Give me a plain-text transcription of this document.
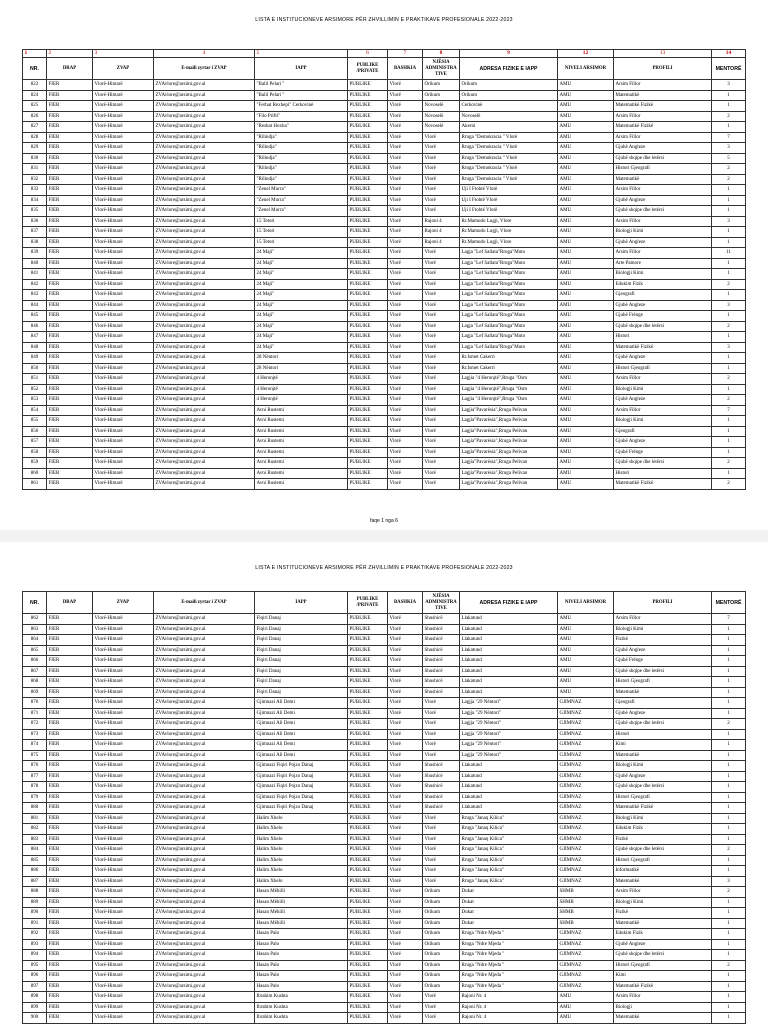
LISTA E INSTITUCIONEVE ARSIMORE PËR ZHVILLIMIN E PRAKTIKAVE PROFESIONALE 2022-2023
1	2	3	4	5	6	7	8	9	12	13	14
NR.	DRAP	ZVAP	E-maili zyrtar i ZVAP	IAPP	PUBLIKE /PRIVATE	BASHKIA	NJËSIA ADMINISTRA TIVE	ADRESA FIZIKE E IAPP	NIVELI ARSIMOR	PROFILI	MENTORË
823	FIER	Vlorë-Himarë	ZVAvlore@arsimi.gov.al	"Balil Pelari "	PUBLIKE	Vlorë	Orikum	Orikum	AMU	Arsim Fillor	3
824	FIER	Vlorë-Himarë	ZVAvlore@arsimi.gov.al	"Balil Pelari "	PUBLIKE	Vlorë	Orikum	Orikum	AMU	Matematikë	1
825	FIER	Vlorë-Himarë	ZVAvlore@arsimi.gov.al	"Ferhat Rexhepi" Cerkovinë	PUBLIKE	Vlorë	Novoselë	Cerkovinë	AMU	Matematikë Fizikë	1
826	FIER	Vlorë-Himarë	ZVAvlore@arsimi.gov.al	"Filo Prifti"	PUBLIKE	Vlorë	Novoselë	Novoselë	AMU	Arsim Fillor	2
827	FIER	Vlorë-Himarë	ZVAvlore@arsimi.gov.al	"Reshat Hoxha"	PUBLIKE	Vlorë	Novoselë	Akerni	AMU	Matematikë Fizikë	1
828	FIER	Vlorë-Himarë	ZVAvlore@arsimi.gov.al	"Rilindja"	PUBLIKE	Vlorë	Vlorë	Rruga "Demokracia " Vlorë	AMU	Arsim Fillor	7
829	FIER	Vlorë-Himarë	ZVAvlore@arsimi.gov.al	"Rilindja"	PUBLIKE	Vlorë	Vlorë	Rruga "Demokracia " Vlorë	AMU	Gjuhë Angleze	3
830	FIER	Vlorë-Himarë	ZVAvlore@arsimi.gov.al	"Rilindja"	PUBLIKE	Vlorë	Vlorë	Rruga "Demokracia " Vlorë	AMU	Gjuhë shqipe dhe letërsi	5
831	FIER	Vlorë-Himarë	ZVAvlore@arsimi.gov.al	"Rilindja"	PUBLIKE	Vlorë	Vlorë	Rruga "Demokracia " Vlorë	AMU	Histori Gjeografi	2
832	FIER	Vlorë-Himarë	ZVAvlore@arsimi.gov.al	"Rilindja"	PUBLIKE	Vlorë	Vlorë	Rruga "Demokracia " Vlorë	AMU	Matematikë	2
833	FIER	Vlorë-Himarë	ZVAvlore@arsimi.gov.al	"Zenel Murra"	PUBLIKE	Vlorë	Vlorë	Uji I Ftohtë Vlorë	AMU	Arsim Fillor	1
834	FIER	Vlorë-Himarë	ZVAvlore@arsimi.gov.al	"Zenel Murra"	PUBLIKE	Vlorë	Vlorë	Uji I Ftohtë Vlorë	AMU	Gjuhë Angleze	1
835	FIER	Vlorë-Himarë	ZVAvlore@arsimi.gov.al	"Zenel Murra"	PUBLIKE	Vlorë	Vlorë	Uji I Ftohtë Vlorë	AMU	Gjuhë shqipe dhe letërsi	1
836	FIER	Vlorë-Himarë	ZVAvlore@arsimi.gov.al	15 Tetori	PUBLIKE	Vlorë	Rajoni 4	Rr.Mamudo Lugji, Vlore	AMU	Arsim Fillor	3
837	FIER	Vlorë-Himarë	ZVAvlore@arsimi.gov.al	15 Tetori	PUBLIKE	Vlorë	Rajoni 4	Rr.Mamudo Lugji, Vlore	AMU	Biologji Kimi	1
838	FIER	Vlorë-Himarë	ZVAvlore@arsimi.gov.al	15 Tetori	PUBLIKE	Vlorë	Rajoni 4	Rr.Mamudo Lugji, Vlore	AMU	Gjuhë Angleze	1
839	FIER	Vlorë-Himarë	ZVAvlore@arsimi.gov.al	24 Maji"	PUBLIKE	Vlorë	Vlorë	Lagja "Lef Sallata"Rruga"Muto	AMU	Arsim Fillor	11
840	FIER	Vlorë-Himarë	ZVAvlore@arsimi.gov.al	24 Maji"	PUBLIKE	Vlorë	Vlorë	Lagja "Lef Sallata"Rruga"Muto	AMU	Arte Pamore	1
841	FIER	Vlorë-Himarë	ZVAvlore@arsimi.gov.al	24 Maji"	PUBLIKE	Vlorë	Vlorë	Lagja "Lef Sallata"Rruga"Muto	AMU	Biologji Kimi	1
842	FIER	Vlorë-Himarë	ZVAvlore@arsimi.gov.al	24 Maji"	PUBLIKE	Vlorë	Vlorë	Lagja "Lef Sallata"Rruga"Muto	AMU	Edukim Fizik	2
843	FIER	Vlorë-Himarë	ZVAvlore@arsimi.gov.al	24 Maji"	PUBLIKE	Vlorë	Vlorë	Lagja "Lef Sallata"Rruga"Muto	AMU	Gjeografi	1
844	FIER	Vlorë-Himarë	ZVAvlore@arsimi.gov.al	24 Maji"	PUBLIKE	Vlorë	Vlorë	Lagja "Lef Sallata"Rruga"Muto	AMU	Gjuhë Angleze	3
845	FIER	Vlorë-Himarë	ZVAvlore@arsimi.gov.al	24 Maji"	PUBLIKE	Vlorë	Vlorë	Lagja "Lef Sallata"Rruga"Muto	AMU	Gjuhë Frënge	1
846	FIER	Vlorë-Himarë	ZVAvlore@arsimi.gov.al	24 Maji"	PUBLIKE	Vlorë	Vlorë	Lagja "Lef Sallata"Rruga"Muto	AMU	Gjuhë shqipe dhe letërsi	2
847	FIER	Vlorë-Himarë	ZVAvlore@arsimi.gov.al	24 Maji"	PUBLIKE	Vlorë	Vlorë	Lagja "Lef Sallata"Rruga"Muto	AMU	Histori	1
848	FIER	Vlorë-Himarë	ZVAvlore@arsimi.gov.al	24 Maji"	PUBLIKE	Vlorë	Vlorë	Lagja "Lef Sallata"Rruga"Muto	AMU	Matematikë Fizikë	3
849	FIER	Vlorë-Himarë	ZVAvlore@arsimi.gov.al	28 Nëntori	PUBLIKE	Vlorë	Vlorë	Rr.Ismet Cakerri	AMU	Gjuhë Angleze	1
850	FIER	Vlorë-Himarë	ZVAvlore@arsimi.gov.al	28 Nëntori	PUBLIKE	Vlorë	Vlorë	Rr.Ismet Cakerri	AMU	Histori Gjeografi	1
851	FIER	Vlorë-Himarë	ZVAvlore@arsimi.gov.al	4 Heronjtë	PUBLIKE	Vlorë	Vlorë	Lagjia "4 Heronjtë",Rruga "Osm	AMU	Arsim Fillor	2
852	FIER	Vlorë-Himarë	ZVAvlore@arsimi.gov.al	4 Heronjtë	PUBLIKE	Vlorë	Vlorë	Lagjia "4 Heronjtë",Rruga "Osm	AMU	Biologji Kimi	1
853	FIER	Vlorë-Himarë	ZVAvlore@arsimi.gov.al	4 Heronjtë	PUBLIKE	Vlorë	Vlorë	Lagjia "4 Heronjtë",Rruga "Osm	AMU	Gjuhë Angleze	2
854	FIER	Vlorë-Himarë	ZVAvlore@arsimi.gov.al	Avni Rustemi	PUBLIKE	Vlorë	Vlorë	Lagjia"Pavarësia",Rruga Pelivan	AMU	Arsim Fillor	7
855	FIER	Vlorë-Himarë	ZVAvlore@arsimi.gov.al	Avni Rustemi	PUBLIKE	Vlorë	Vlorë	Lagjia"Pavarësia",Rruga Pelivan	AMU	Biologji Kimi	1
856	FIER	Vlorë-Himarë	ZVAvlore@arsimi.gov.al	Avni Rustemi	PUBLIKE	Vlorë	Vlorë	Lagjia"Pavarësia",Rruga Pelivan	AMU	Gjeografi	1
857	FIER	Vlorë-Himarë	ZVAvlore@arsimi.gov.al	Avni Rustemi	PUBLIKE	Vlorë	Vlorë	Lagjia"Pavarësia",Rruga Pelivan	AMU	Gjuhë Angleze	1
858	FIER	Vlorë-Himarë	ZVAvlore@arsimi.gov.al	Avni Rustemi	PUBLIKE	Vlorë	Vlorë	Lagjia"Pavarësia",Rruga Pelivan	AMU	Gjuhë Frënge	1
859	FIER	Vlorë-Himarë	ZVAvlore@arsimi.gov.al	Avni Rustemi	PUBLIKE	Vlorë	Vlorë	Lagjia"Pavarësia",Rruga Pelivan	AMU	Gjuhë shqipe dhe letërsi	2
860	FIER	Vlorë-Himarë	ZVAvlore@arsimi.gov.al	Avni Rustemi	PUBLIKE	Vlorë	Vlorë	Lagjia"Pavarësia",Rruga Pelivan	AMU	Histori	1
861	FIER	Vlorë-Himarë	ZVAvlore@arsimi.gov.al	Avni Rustemi	PUBLIKE	Vlorë	Vlorë	Lagjia"Pavarësia",Rruga Pelivan	AMU	Matematikë Fizikë	2
faqe 1 nga 6
LISTA E INSTITUCIONEVE ARSIMORE PËR ZHVILLIMIN E PRAKTIKAVE PROFESIONALE 2022-2023
NR.	DRAP	ZVAP	E-maili zyrtar i ZVAP	IAPP	PUBLIKE /PRIVATE	BASHKIA	NJËSIA ADMINISTRA TIVE	ADRESA FIZIKE E IAPP	NIVELI ARSIMOR	PROFILI	MENTORË
862	FIER	Vlorë-Himarë	ZVAvlore@arsimi.gov.al	Fiqiri Danaj	PUBLIKE	Vlorë	Shushicë	Llakatund	AMU	Arsim Fillor	7
863	FIER	Vlorë-Himarë	ZVAvlore@arsimi.gov.al	Fiqiri Danaj	PUBLIKE	Vlorë	Shushicë	Llakatund	AMU	Biologji Kimi	1
864	FIER	Vlorë-Himarë	ZVAvlore@arsimi.gov.al	Fiqiri Danaj	PUBLIKE	Vlorë	Shushicë	Llakatund	AMU	Fizikë	1
865	FIER	Vlorë-Himarë	ZVAvlore@arsimi.gov.al	Fiqiri Danaj	PUBLIKE	Vlorë	Shushicë	Llakatund	AMU	Gjuhë Angleze	1
866	FIER	Vlorë-Himarë	ZVAvlore@arsimi.gov.al	Fiqiri Danaj	PUBLIKE	Vlorë	Shushicë	Llakatund	AMU	Gjuhë Frënge	1
867	FIER	Vlorë-Himarë	ZVAvlore@arsimi.gov.al	Fiqiri Danaj	PUBLIKE	Vlorë	Shushicë	Llakatund	AMU	Gjuhë shqipe dhe letërsi	1
868	FIER	Vlorë-Himarë	ZVAvlore@arsimi.gov.al	Fiqiri Danaj	PUBLIKE	Vlorë	Shushicë	Llakatund	AMU	Histori Gjeografi	1
869	FIER	Vlorë-Himarë	ZVAvlore@arsimi.gov.al	Fiqiri Danaj	PUBLIKE	Vlorë	Shushicë	Llakatund	AMU	Matematikë	1
870	FIER	Vlorë-Himarë	ZVAvlore@arsimi.gov.al	Gjimnazi Ali Demi	PUBLIKE	Vlorë	Vlorë	Lagjja "29 Nëntori"	GJIMNAZ	Gjeografi	1
871	FIER	Vlorë-Himarë	ZVAvlore@arsimi.gov.al	Gjimnazi Ali Demi	PUBLIKE	Vlorë	Vlorë	Lagjja "29 Nëntori"	GJIMNAZ	Gjuhë Angleze	1
872	FIER	Vlorë-Himarë	ZVAvlore@arsimi.gov.al	Gjimnazi Ali Demi	PUBLIKE	Vlorë	Vlorë	Lagjja "29 Nëntori"	GJIMNAZ	Gjuhë shqipe dhe letërsi	2
873	FIER	Vlorë-Himarë	ZVAvlore@arsimi.gov.al	Gjimnazi Ali Demi	PUBLIKE	Vlorë	Vlorë	Lagjja "29 Nëntori"	GJIMNAZ	Histori	1
874	FIER	Vlorë-Himarë	ZVAvlore@arsimi.gov.al	Gjimnazi Ali Demi	PUBLIKE	Vlorë	Vlorë	Lagjja "29 Nëntori"	GJIMNAZ	Kimi	1
875	FIER	Vlorë-Himarë	ZVAvlore@arsimi.gov.al	Gjimnazi Ali Demi	PUBLIKE	Vlorë	Vlorë	Lagjja "29 Nëntori"	GJIMNAZ	Matematikë	1
876	FIER	Vlorë-Himarë	ZVAvlore@arsimi.gov.al	Gjimnazi Fiqiri Pojzo Danaj	PUBLIKE	Vlorë	Shushicë	Llakatund	GJIMNAZ	Biologji Kimi	1
877	FIER	Vlorë-Himarë	ZVAvlore@arsimi.gov.al	Gjimnazi Fiqiri Pojzo Danaj	PUBLIKE	Vlorë	Shushicë	Llakatund	GJIMNAZ	Gjuhë Angleze	1
878	FIER	Vlorë-Himarë	ZVAvlore@arsimi.gov.al	Gjimnazi Fiqiri Pojzo Danaj	PUBLIKE	Vlorë	Shushicë	Llakatund	GJIMNAZ	Gjuhë shqipe dhe letërsi	1
879	FIER	Vlorë-Himarë	ZVAvlore@arsimi.gov.al	Gjimnazi Fiqiri Pojzo Danaj	PUBLIKE	Vlorë	Shushicë	Llakatund	GJIMNAZ	Histori Gjeografi	1
880	FIER	Vlorë-Himarë	ZVAvlore@arsimi.gov.al	Gjimnazi Fiqiri Pojzo Danaj	PUBLIKE	Vlorë	Shushicë	Llakatund	GJIMNAZ	Matematikë Fizikë	1
881	FIER	Vlorë-Himarë	ZVAvlore@arsimi.gov.al	Halim Xhelo	PUBLIKE	Vlorë	Vlorë	Rruga "Janaq Kilica"	GJIMNAZ	Biologji Kimi	1
882	FIER	Vlorë-Himarë	ZVAvlore@arsimi.gov.al	Halim Xhelo	PUBLIKE	Vlorë	Vlorë	Rruga "Janaq Kilica"	GJIMNAZ	Edukim Fizik	1
883	FIER	Vlorë-Himarë	ZVAvlore@arsimi.gov.al	Halim Xhelo	PUBLIKE	Vlorë	Vlorë	Rruga "Janaq Kilica"	GJIMNAZ	Fizikë	1
884	FIER	Vlorë-Himarë	ZVAvlore@arsimi.gov.al	Halim Xhelo	PUBLIKE	Vlorë	Vlorë	Rruga "Janaq Kilica"	GJIMNAZ	Gjuhë shqipe dhe letërsi	2
885	FIER	Vlorë-Himarë	ZVAvlore@arsimi.gov.al	Halim Xhelo	PUBLIKE	Vlorë	Vlorë	Rruga "Janaq Kilica"	GJIMNAZ	Histori Gjeografi	1
886	FIER	Vlorë-Himarë	ZVAvlore@arsimi.gov.al	Halim Xhelo	PUBLIKE	Vlorë	Vlorë	Rruga "Janaq Kilica"	GJIMNAZ	Informatikë	1
887	FIER	Vlorë-Himarë	ZVAvlore@arsimi.gov.al	Halim Xhelo	PUBLIKE	Vlorë	Vlorë	Rruga "Janaq Kilica"	GJIMNAZ	Matematikë	3
888	FIER	Vlorë-Himarë	ZVAvlore@arsimi.gov.al	Hasan Mëhilli	PUBLIKE	Vlorë	Orikum	Dukat	SHMB	Arsim Fillor	2
889	FIER	Vlorë-Himarë	ZVAvlore@arsimi.gov.al	Hasan Mëhilli	PUBLIKE	Vlorë	Orikum	Dukat	SHMB	Biologji Kimi	1
890	FIER	Vlorë-Himarë	ZVAvlore@arsimi.gov.al	Hasan Mëhilli	PUBLIKE	Vlorë	Orikum	Dukat	SHMB	Fizikë	1
891	FIER	Vlorë-Himarë	ZVAvlore@arsimi.gov.al	Hasan Mëhilli	PUBLIKE	Vlorë	Orikum	Dukat	SHMB	Matematikë	1
892	FIER	Vlorë-Himarë	ZVAvlore@arsimi.gov.al	Hasan Palo	PUBLIKE	Vlorë	Orikum	Rruga "Ndre Mjeda "	GJIMNAZ	Edukim Fizik	1
893	FIER	Vlorë-Himarë	ZVAvlore@arsimi.gov.al	Hasan Palo	PUBLIKE	Vlorë	Orikum	Rruga "Ndre Mjeda "	GJIMNAZ	Gjuhë Angleze	1
894	FIER	Vlorë-Himarë	ZVAvlore@arsimi.gov.al	Hasan Palo	PUBLIKE	Vlorë	Orikum	Rruga "Ndre Mjeda "	GJIMNAZ	Gjuhë shqipe dhe letërsi	1
895	FIER	Vlorë-Himarë	ZVAvlore@arsimi.gov.al	Hasan Palo	PUBLIKE	Vlorë	Orikum	Rruga "Ndre Mjeda "	GJIMNAZ	Histori Gjeografi	2
896	FIER	Vlorë-Himarë	ZVAvlore@arsimi.gov.al	Hasan Palo	PUBLIKE	Vlorë	Orikum	Rruga "Ndre Mjeda "	GJIMNAZ	Kimi	1
897	FIER	Vlorë-Himarë	ZVAvlore@arsimi.gov.al	Hasan Palo	PUBLIKE	Vlorë	Orikum	Rruga "Ndre Mjeda "	GJIMNAZ	Matematikë Fizikë	1
898	FIER	Vlorë-Himarë	ZVAvlore@arsimi.gov.al	Ibrahim Kushta	PUBLIKE	Vlorë	Vlorë	Rajoni Nr. 4	AMU	Arsim Fillor	1
899	FIER	Vlorë-Himarë	ZVAvlore@arsimi.gov.al	Ibrahim Kushta	PUBLIKE	Vlorë	Vlorë	Rajoni Nr. 4	AMU	Biologji	1
900	FIER	Vlorë-Himarë	ZVAvlore@arsimi.gov.al	Ibrahim Kushta	PUBLIKE	Vlorë	Vlorë	Rajoni Nr. 4	AMU	Matematikë	1
